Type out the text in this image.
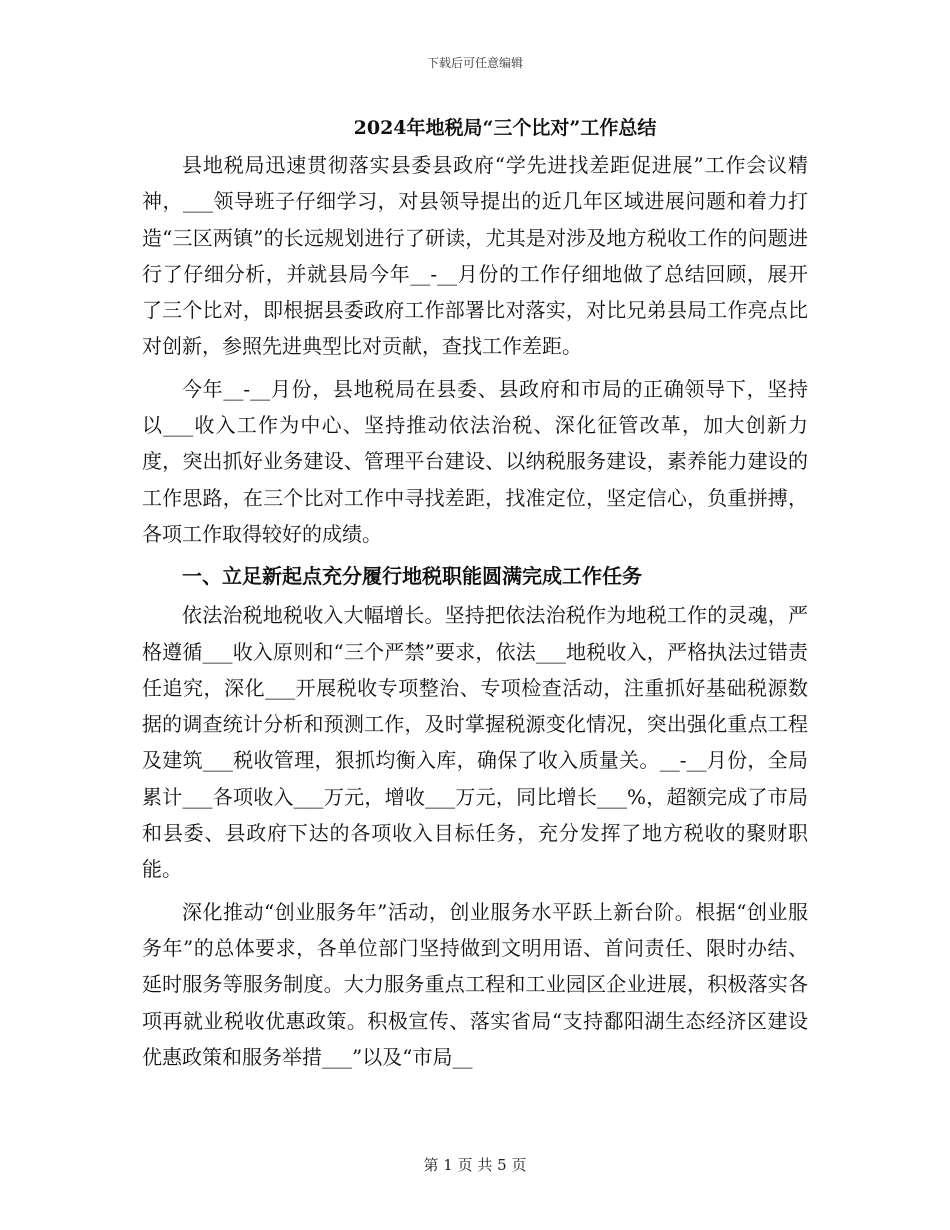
下载后可任意编辑
2024年地税局“三个比对”工作总结

县地税局迅速贯彻落实县委县政府“学先进找差距促进展”工作会议精神，___领导班子仔细学习，对县领导提出的近几年区域进展问题和着力打造“三区两镇”的长远规划进行了研读，尤其是对涉及地方税收工作的问题进行了仔细分析，并就县局今年__-__月份的工作仔细地做了总结回顾，展开了三个比对，即根据县委政府工作部署比对落实，对比兄弟县局工作亮点比对创新，参照先进典型比对贡献，查找工作差距。

今年__-__月份，县地税局在县委、县政府和市局的正确领导下，坚持以___收入工作为中心、坚持推动依法治税、深化征管改革，加大创新力度，突出抓好业务建设、管理平台建设、以纳税服务建设，素养能力建设的工作思路，在三个比对工作中寻找差距，找准定位，坚定信心，负重拼搏，各项工作取得较好的成绩。

一、立足新起点充分履行地税职能圆满完成工作任务

依法治税地税收入大幅增长。坚持把依法治税作为地税工作的灵魂，严格遵循___收入原则和“三个严禁”要求，依法___地税收入，严格执法过错责任追究，深化___开展税收专项整治、专项检查活动，注重抓好基础税源数据的调查统计分析和预测工作，及时掌握税源变化情况，突出强化重点工程及建筑___税收管理，狠抓均衡入库，确保了收入质量关。__-__月份，全局累计___各项收入___万元，增收___万元，同比增长___%，超额完成了市局和县委、县政府下达的各项收入目标任务，充分发挥了地方税收的聚财职能。

深化推动“创业服务年”活动，创业服务水平跃上新台阶。根据“创业服务年”的总体要求，各单位部门坚持做到文明用语、首问责任、限时办结、延时服务等服务制度。大力服务重点工程和工业园区企业进展，积极落实各项再就业税收优惠政策。积极宣传、落实省局“支持鄱阳湖生态经济区建设优惠政策和服务举措___”以及“市局__

第 1 页 共 5 页
